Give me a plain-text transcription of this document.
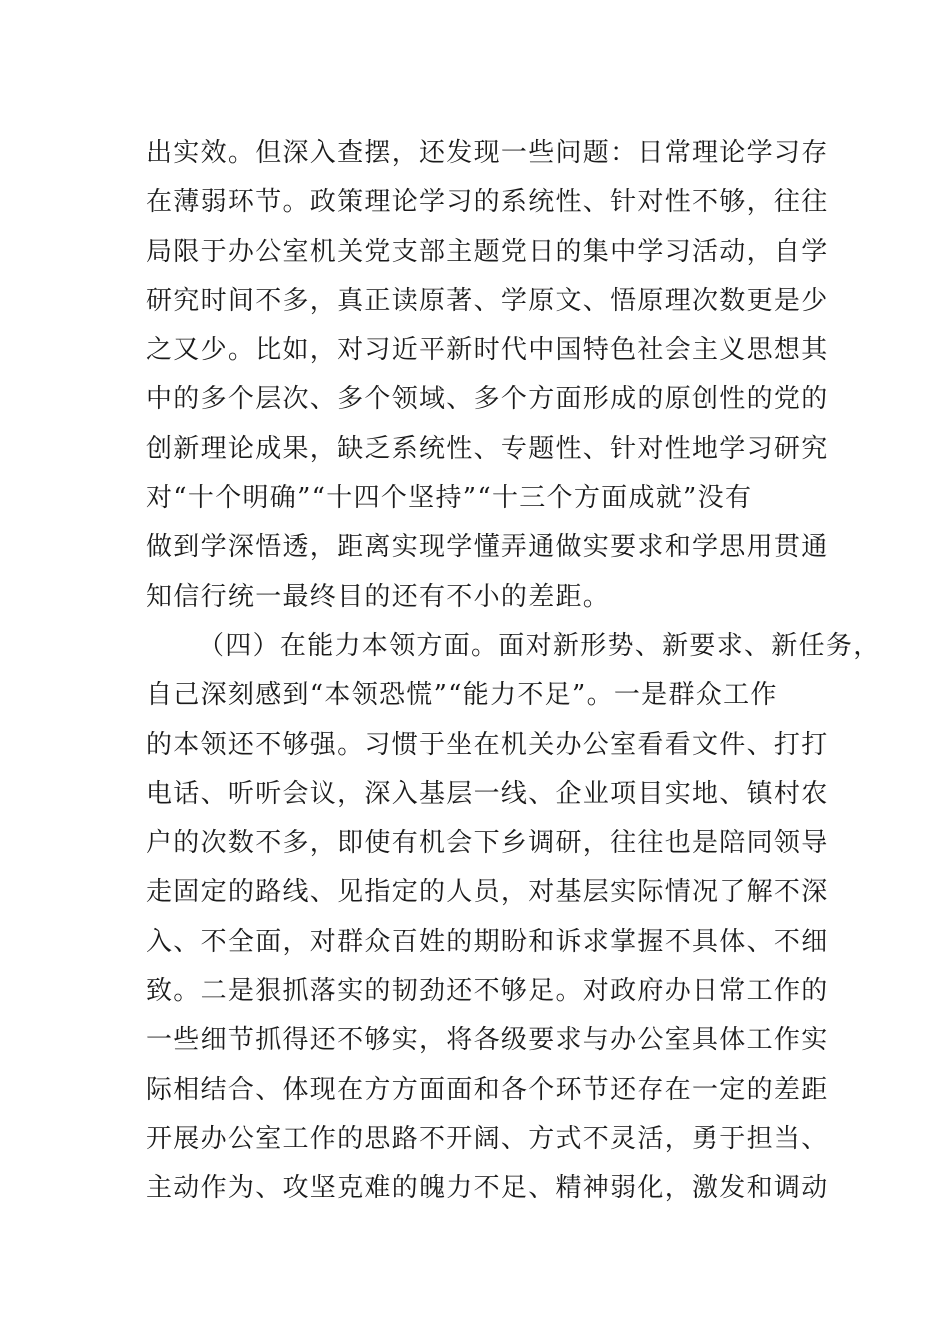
出实效。但深入查摆，还发现一些问题：日常理论学习存
在薄弱环节。政策理论学习的系统性、针对性不够，往往
局限于办公室机关党支部主题党日的集中学习活动，自学
研究时间不多，真正读原著、学原文、悟原理次数更是少
之又少。比如，对习近平新时代中国特色社会主义思想其
中的多个层次、多个领域、多个方面形成的原创性的党的
创新理论成果，缺乏系统性、专题性、针对性地学习研究
对“十个明确”“十四个坚持”“十三个方面成就”没有
做到学深悟透，距离实现学懂弄通做实要求和学思用贯通
知信行统一最终目的还有不小的差距。
（四）在能力本领方面。面对新形势、新要求、新任务，
自己深刻感到“本领恐慌”“能力不足”。一是群众工作
的本领还不够强。习惯于坐在机关办公室看看文件、打打
电话、听听会议，深入基层一线、企业项目实地、镇村农
户的次数不多，即使有机会下乡调研，往往也是陪同领导
走固定的路线、见指定的人员，对基层实际情况了解不深
入、不全面，对群众百姓的期盼和诉求掌握不具体、不细
致。二是狠抓落实的韧劲还不够足。对政府办日常工作的
一些细节抓得还不够实，将各级要求与办公室具体工作实
际相结合、体现在方方面面和各个环节还存在一定的差距
开展办公室工作的思路不开阔、方式不灵活，勇于担当、
主动作为、攻坚克难的魄力不足、精神弱化，激发和调动
